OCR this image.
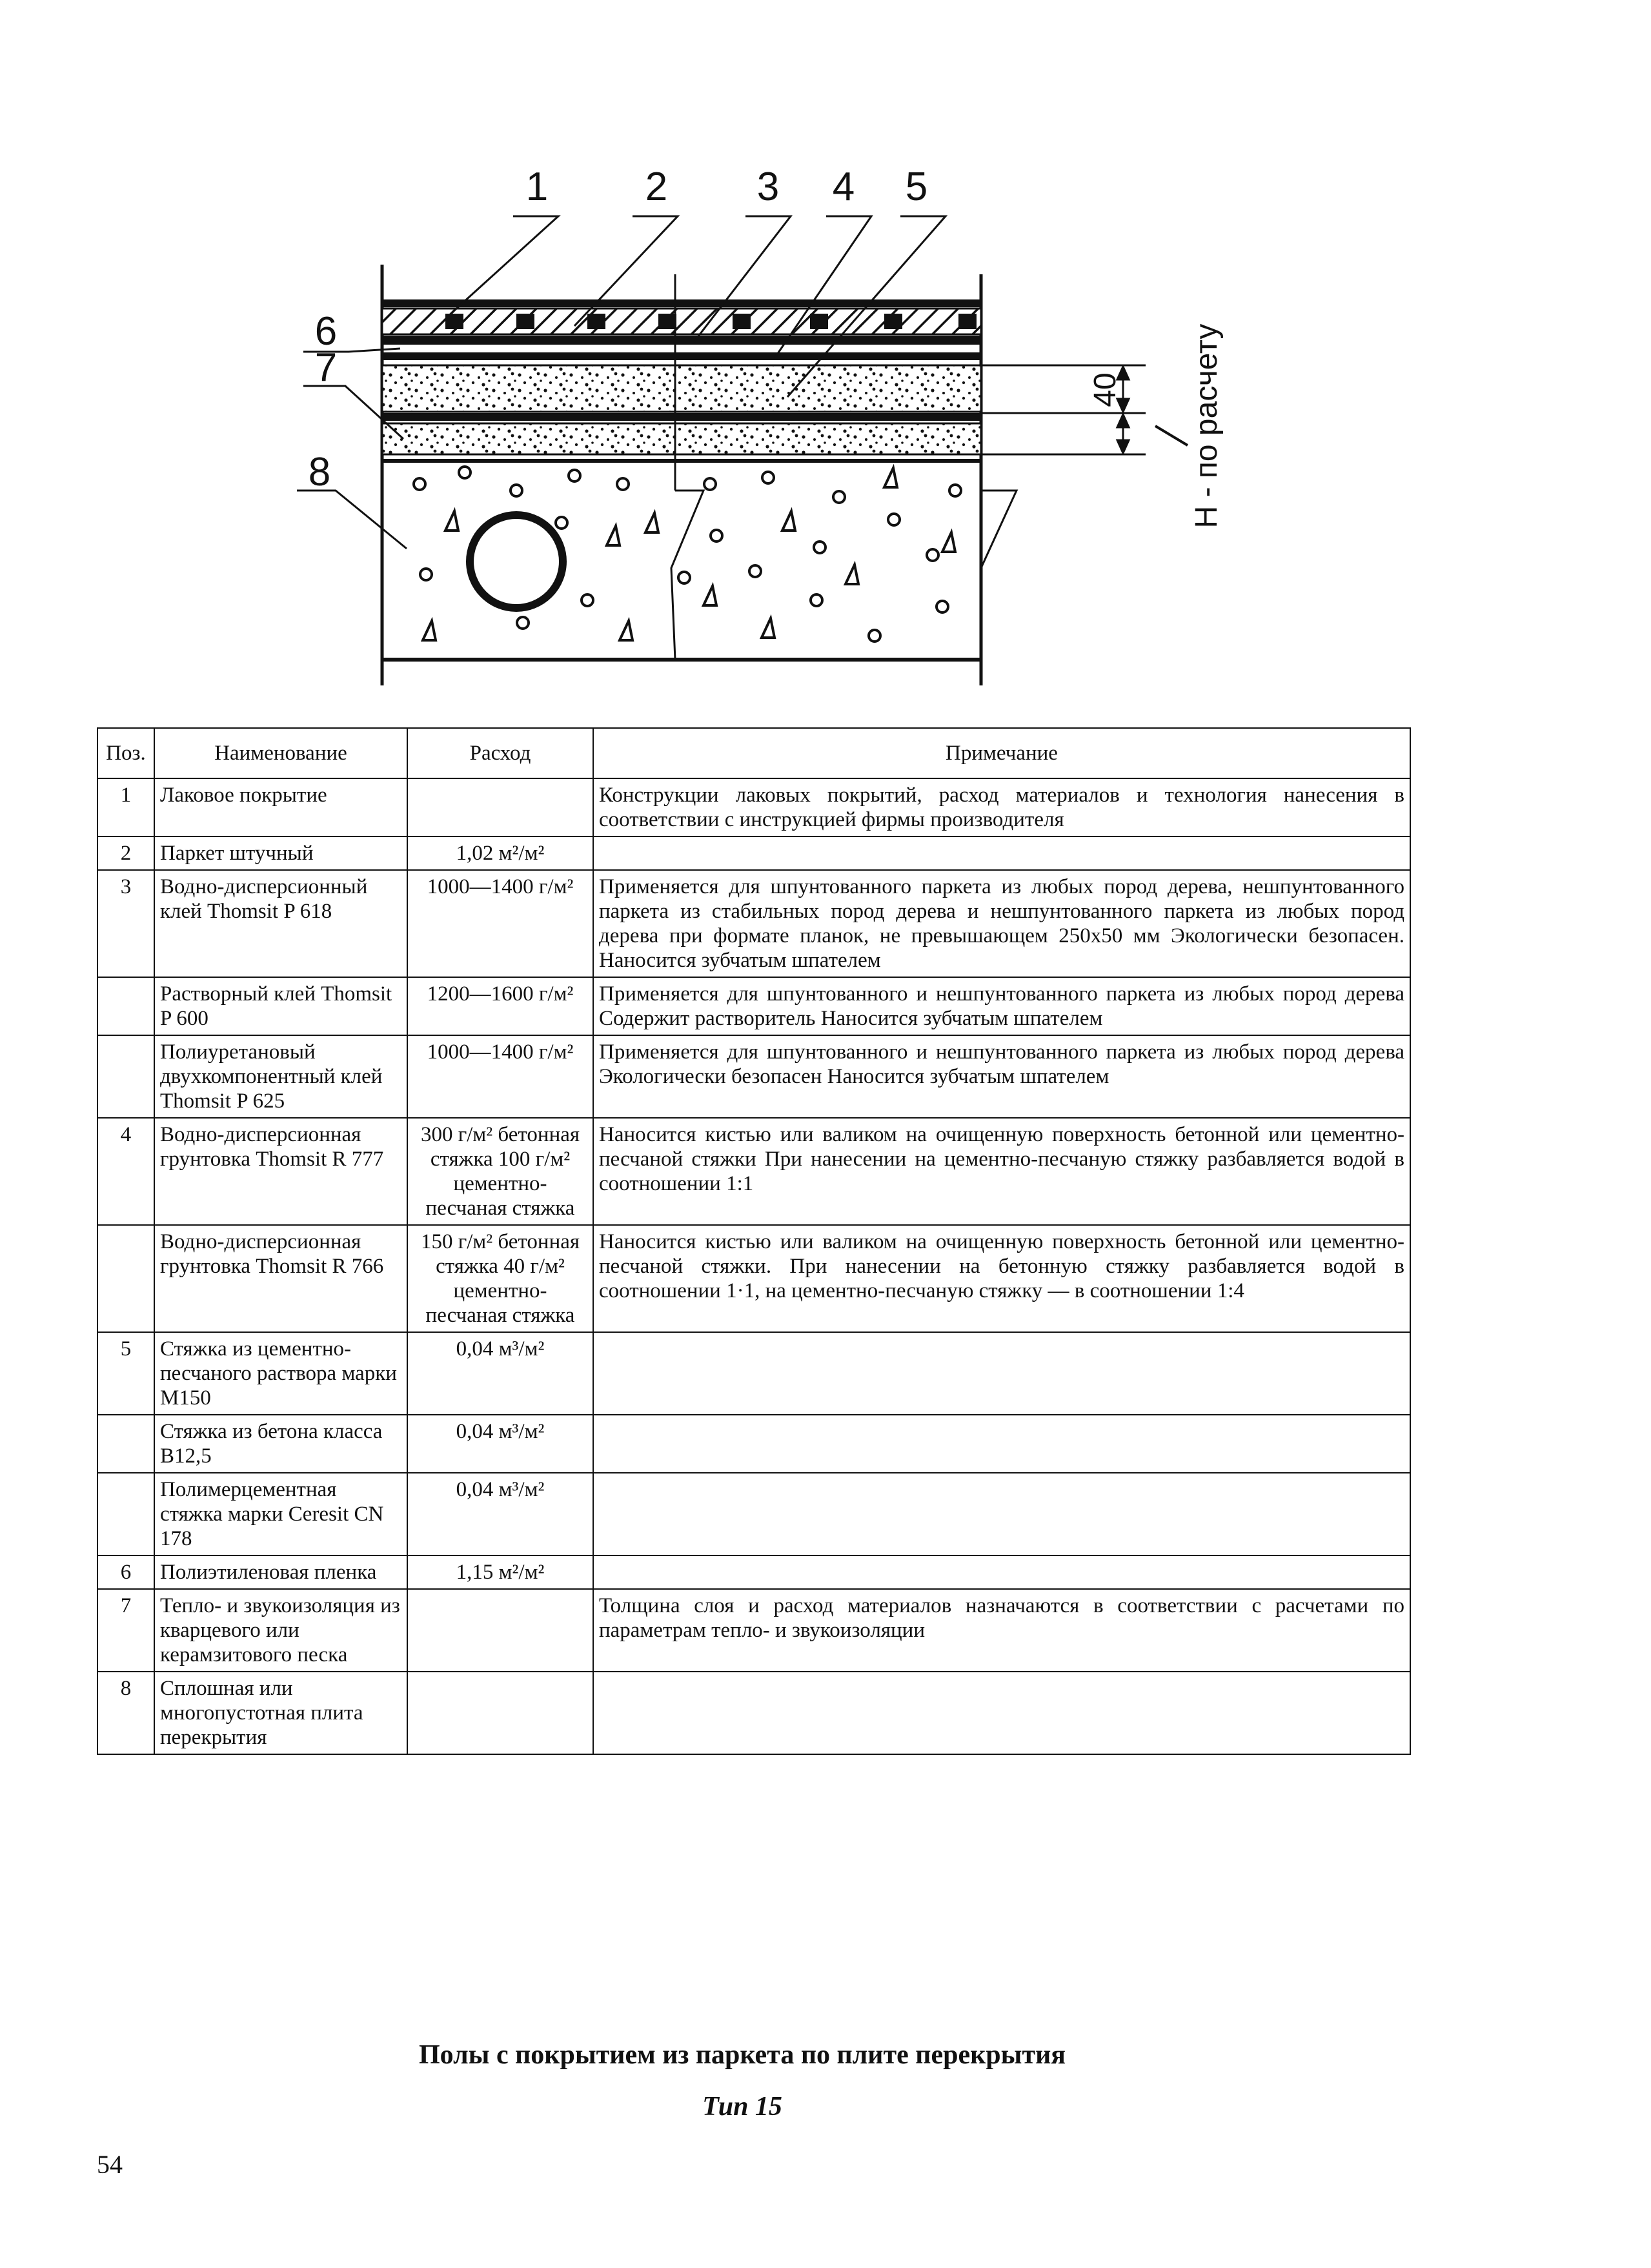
1 2 3 4 5
6
7
8
40 H - по расчету
Поз.	Наименование	Расход	Примечание
1	Лаковое покрытие		Конструкции лаковых покрытий, расход материалов и технология нанесения в соответствии с инструкцией фирмы производителя
2	Паркет штучный	1,02 м²/м²	
3	Водно-дисперсионный клей Thomsit P 618	1000—1400 г/м²	Применяется для шпунтованного паркета из любых пород дерева, нешпунтованного паркета из стабильных пород дерева и нешпунтованного паркета из любых пород дерева при формате планок, не превышающем 250х50 мм Экологически безопасен. Наносится зубчатым шпателем
	Растворный клей Thomsit P 600	1200—1600 г/м²	Применяется для шпунтованного и нешпунтованного паркета из любых пород дерева Содержит растворитель Наносится зубчатым шпателем
	Полиуретановый двухкомпонентный клей Thomsit P 625	1000—1400 г/м²	Применяется для шпунтованного и нешпунтованного паркета из любых пород дерева Экологически безопасен Наносится зубчатым шпателем
4	Водно-дисперсионная грунтовка Thomsit R 777	300 г/м² бетонная стяжка 100 г/м² цементно-песчаная стяжка	Наносится кистью или валиком на очищенную поверхность бетонной или цементно-песчаной стяжки При нанесении на цементно-песчаную стяжку разбавляется водой в соотношении 1:1
	Водно-дисперсионная грунтовка Thomsit R 766	150 г/м² бетонная стяжка 40 г/м² цементно-песчаная стяжка	Наносится кистью или валиком на очищенную поверхность бетонной или цементно-песчаной стяжки. При нанесении на бетонную стяжку разбавляется водой в соотношении 1·1, на цементно-песчаную стяжку — в соотношении 1:4
5	Стяжка из цементно-песчаного раствора марки М150	0,04 м³/м²	
	Стяжка из бетона класса В12,5	0,04 м³/м²	
	Полимерцементная стяжка марки Ceresit CN 178	0,04 м³/м²	
6	Полиэтиленовая пленка	1,15 м²/м²	
7	Тепло- и звукоизоляция из кварцевого или керамзитового песка		Толщина слоя и расход материалов назначаются в соответствии с расчетами по параметрам тепло- и звукоизоляции
8	Сплошная или многопустотная плита перекрытия		
Полы с покрытием из паркета по плите перекрытия
Тип 15
54
